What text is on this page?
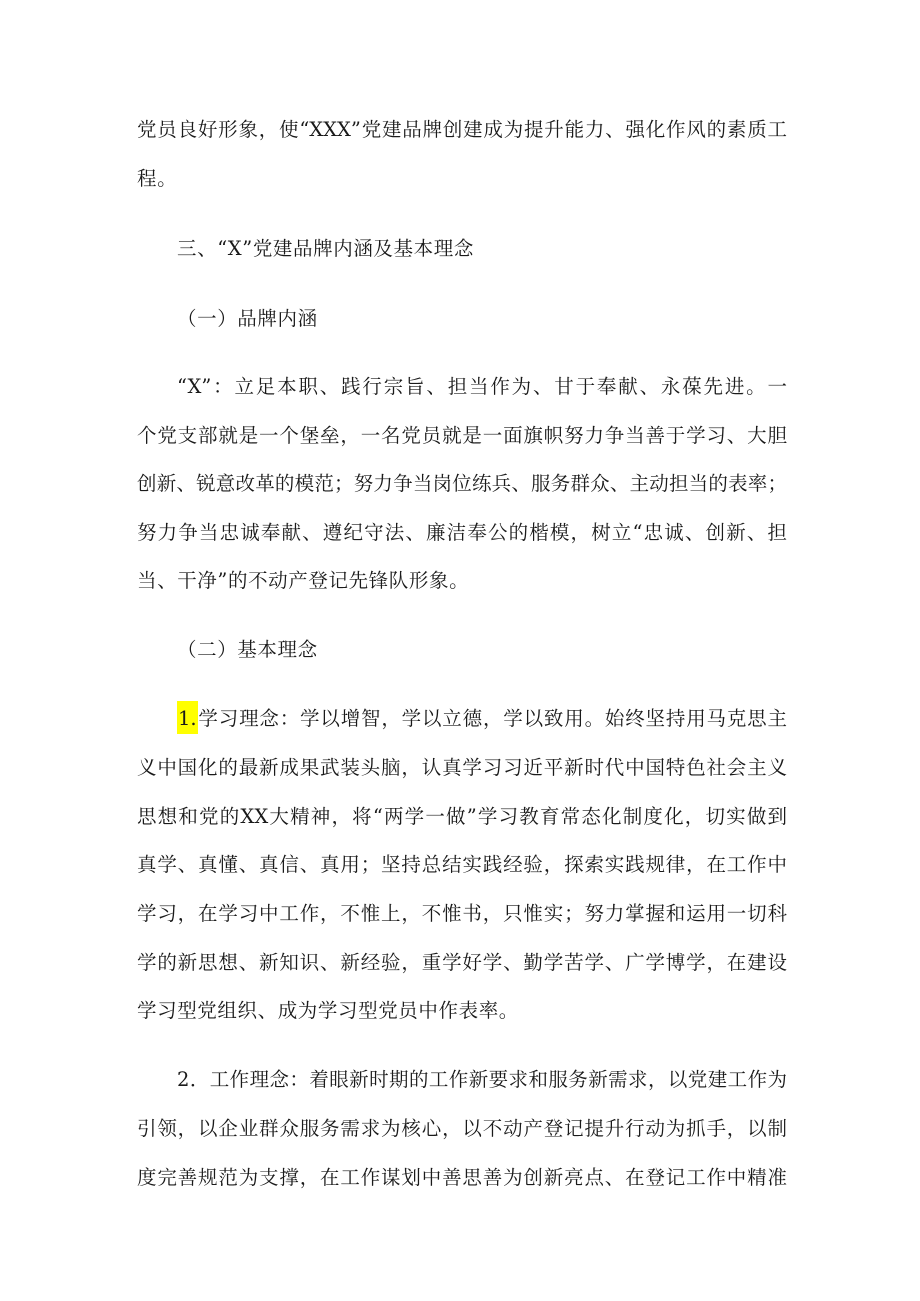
党员良好形象，使“XXX”党建品牌创建成为提升能力、强化作风的素质工
程。
三、“X”党建品牌内涵及基本理念
（一）品牌内涵
“X”：立足本职、践行宗旨、担当作为、甘于奉献、永葆先进。一
个党支部就是一个堡垒，一名党员就是一面旗帜努力争当善于学习、大胆
创新、锐意改革的模范；努力争当岗位练兵、服务群众、主动担当的表率；
努力争当忠诚奉献、遵纪守法、廉洁奉公的楷模，树立“忠诚、创新、担
当、干净”的不动产登记先锋队形象。
（二）基本理念
1.学习理念：学以增智，学以立德，学以致用。始终坚持用马克思主
义中国化的最新成果武装头脑，认真学习习近平新时代中国特色社会主义
思想和党的XX大精神，将“两学一做”学习教育常态化制度化，切实做到
真学、真懂、真信、真用；坚持总结实践经验，探索实践规律，在工作中
学习，在学习中工作，不惟上，不惟书，只惟实；努力掌握和运用一切科
学的新思想、新知识、新经验，重学好学、勤学苦学、广学博学，在建设
学习型党组织、成为学习型党员中作表率。
2．工作理念：着眼新时期的工作新要求和服务新需求，以党建工作为
引领，以企业群众服务需求为核心，以不动产登记提升行动为抓手，以制
度完善规范为支撑，在工作谋划中善思善为创新亮点、在登记工作中精准
